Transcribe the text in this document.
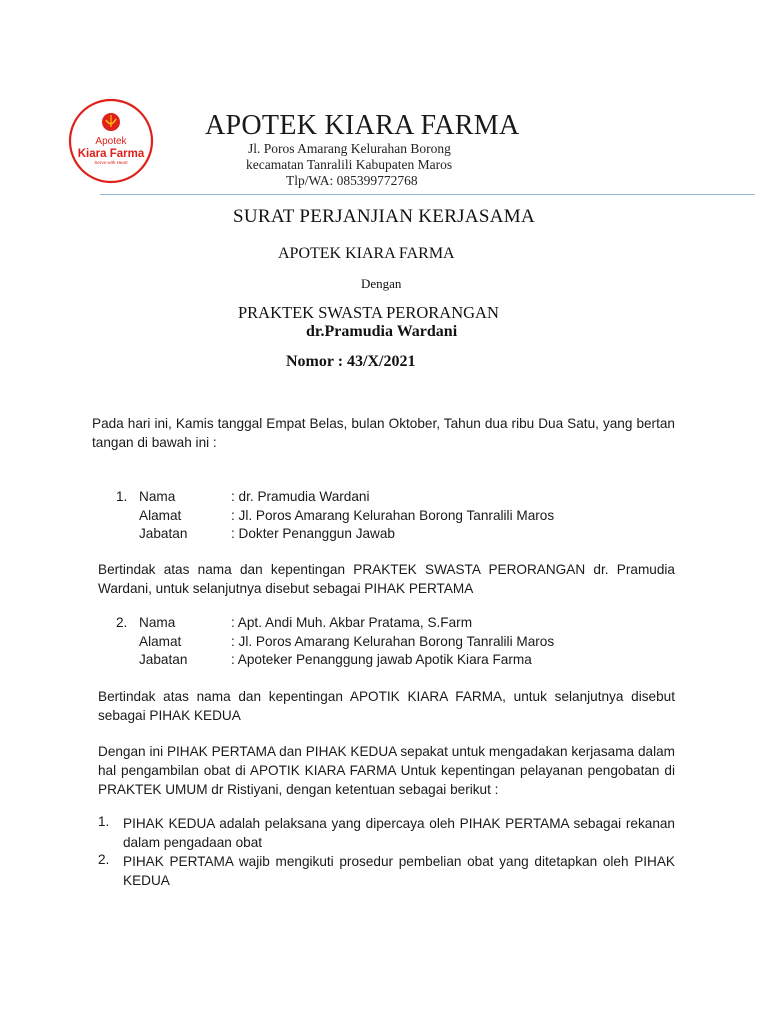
Apotek
Kiara Farma
Serve with Heart
APOTEK KIARA FARMA
Jl. Poros Amarang Kelurahan Borong
kecamatan Tanralili Kabupaten Maros
Tlp/WA: 085399772768
SURAT PERJANJIAN KERJASAMA
APOTEK KIARA FARMA
Dengan
PRAKTEK SWASTA PERORANGAN
dr.Pramudia Wardani
Nomor : 43/X/2021
Pada hari ini, Kamis tanggal Empat Belas, bulan Oktober, Tahun dua ribu Dua Satu, yang bertan tangan di bawah ini :
1. Nama	: dr. Pramudia Wardani
Alamat	: Jl. Poros Amarang Kelurahan Borong Tanralili Maros
Jabatan	: Dokter Penanggun Jawab
Bertindak atas nama dan kepentingan PRAKTEK SWASTA PERORANGAN dr. Pramudia Wardani, untuk selanjutnya disebut sebagai PIHAK PERTAMA
2. Nama	: Apt. Andi Muh. Akbar Pratama, S.Farm
Alamat	: Jl. Poros Amarang Kelurahan Borong Tanralili Maros
Jabatan	: Apoteker Penanggung jawab Apotik Kiara Farma
Bertindak atas nama dan kepentingan APOTIK KIARA FARMA, untuk selanjutnya disebut sebagai PIHAK KEDUA
Dengan ini PIHAK PERTAMA dan PIHAK KEDUA sepakat untuk mengadakan kerjasama dalam hal pengambilan obat di APOTIK KIARA FARMA Untuk kepentingan pelayanan pengobatan di PRAKTEK UMUM dr Ristiyani, dengan ketentuan sebagai berikut :
1. PIHAK KEDUA adalah pelaksana yang dipercaya oleh PIHAK PERTAMA sebagai rekanan dalam pengadaan obat
2. PIHAK PERTAMA wajib mengikuti prosedur pembelian obat yang ditetapkan oleh PIHAK KEDUA
